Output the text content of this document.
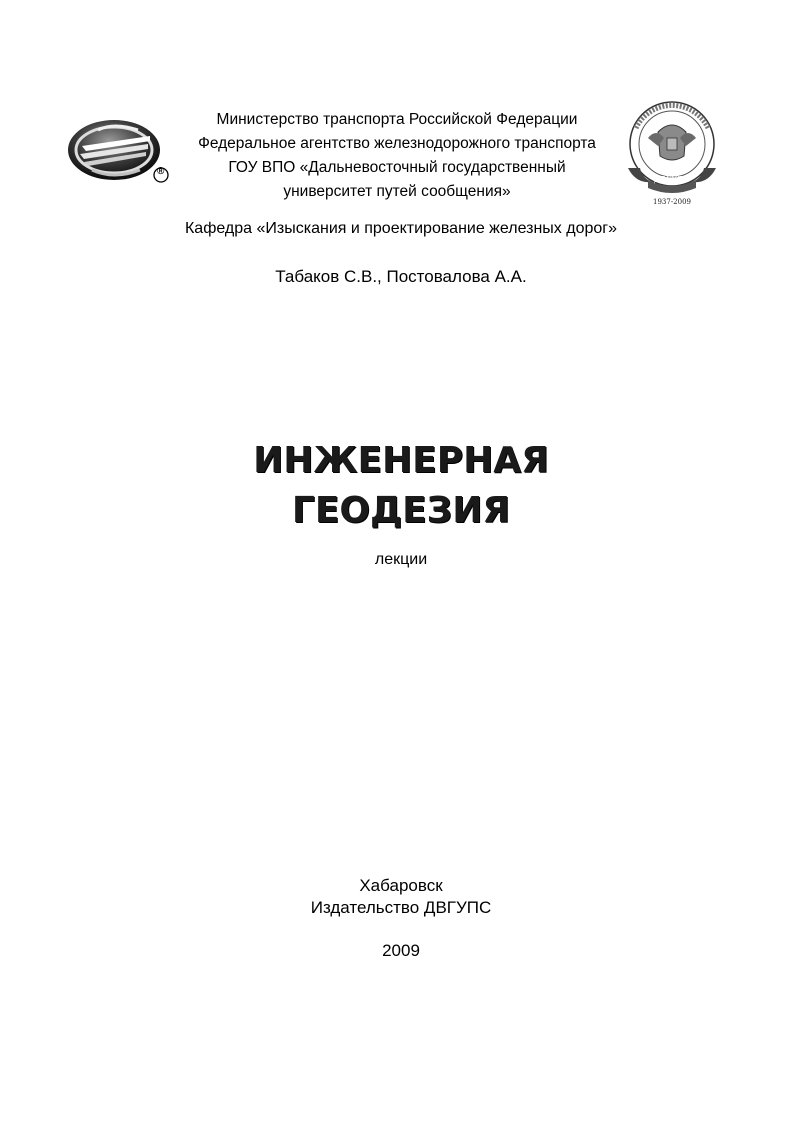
®
Министерство транспорта Российской Федерации
Федеральное агентство железнодорожного транспорта
ГОУ ВПО «Дальневосточный государственный
университет путей сообщения»
ДВГУПС
1937-2009
Кафедра «Изыскания и проектирование железных дорог»
Табаков С.В., Постовалова А.А.
ИНЖЕНЕРНАЯ
ГЕОДЕЗИЯ
лекции
Хабаровск
Издательство ДВГУПС
2009
